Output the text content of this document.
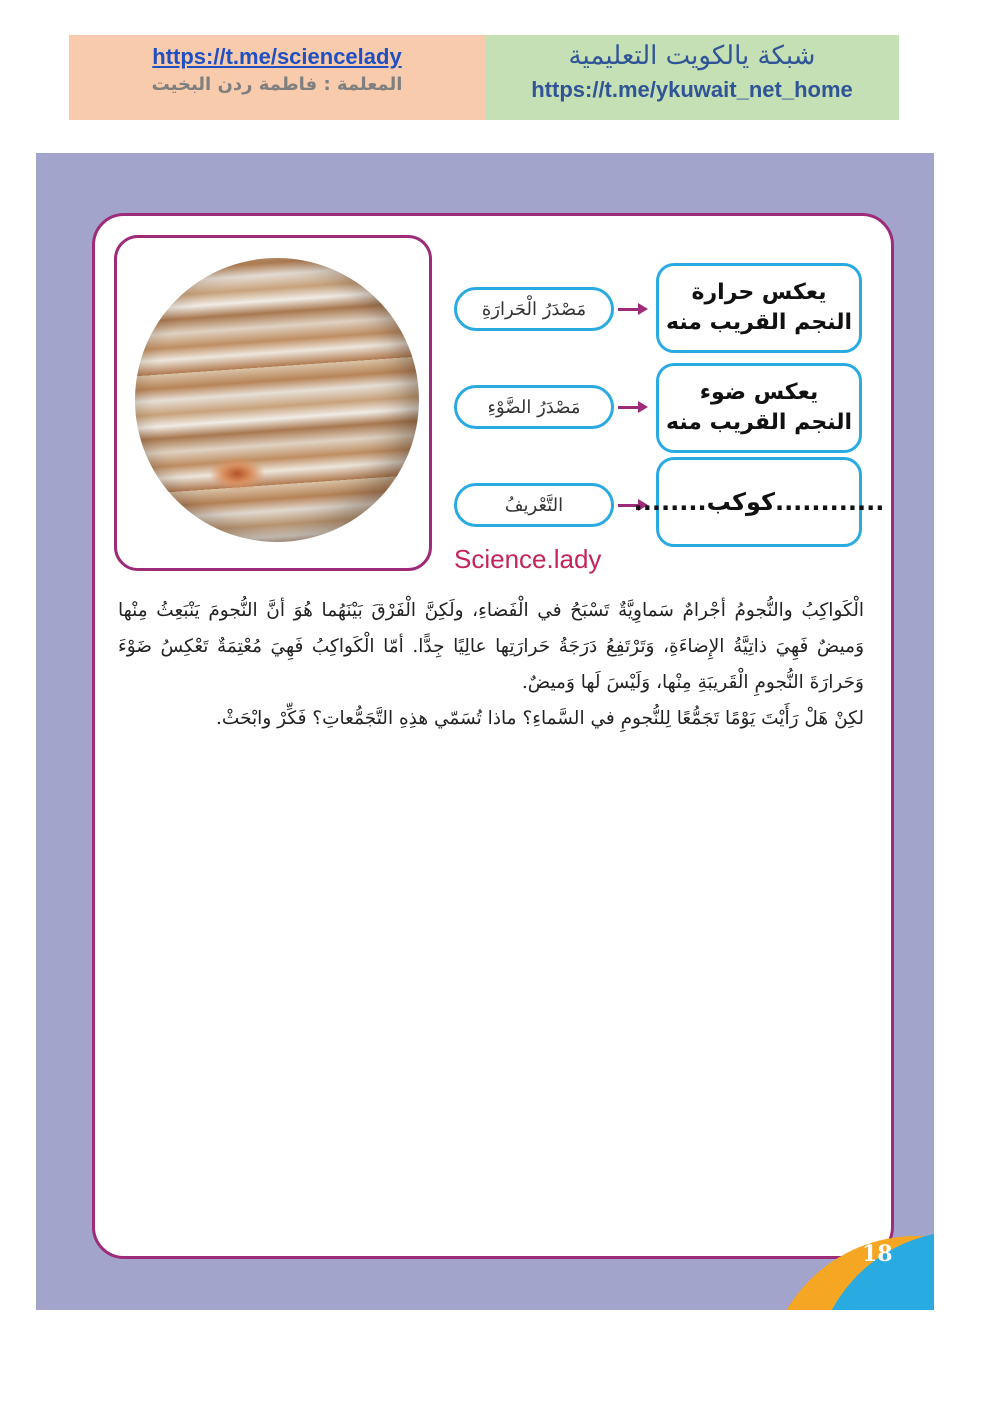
https://t.me/sciencelady
المعلمة : فاطمة ردن البخيت
شبكة يالكويت التعليمية
https://t.me/ykuwait_net_home
Science.lady
مَصْدَرُ الْحَرارَةِ
يعكس حرارة
النجم القريب منه
مَصْدَرُ الضَّوْءِ
يعكس ضوء
النجم القريب منه
التَّعْريفُ	............كوكب........

الْكَواكِبُ والنُّجومُ أجْرامٌ سَماوِيَّةٌ تَسْبَحُ في الْفَضاءِ، ولَكِنَّ الْفَرْقَ بَيْنَهُما هُوَ أنَّ النُّجومَ يَنْبَعِثُ مِنْها وَميضٌ فَهِيَ ذاتِيَّةُ الإِضاءَةِ، وَتَرْتَفِعُ دَرَجَةُ حَرارَتِها عالِيًا جِدًّا. أمّا الْكَواكِبُ فَهِيَ مُعْتِمَةٌ تَعْكِسُ ضَوْءَ وَحَرارَةَ النُّجومِ الْقَريبَةِ مِنْها، وَلَيْسَ لَها وَميضٌ.

لكِنْ هَلْ رَأَيْتَ يَوْمًا تَجَمُّعًا لِلنُّجومِ في السَّماءِ؟ ماذا تُسَمّي هذِهِ التَّجَمُّعاتِ؟ فَكِّرْ وابْحَثْ.

18
